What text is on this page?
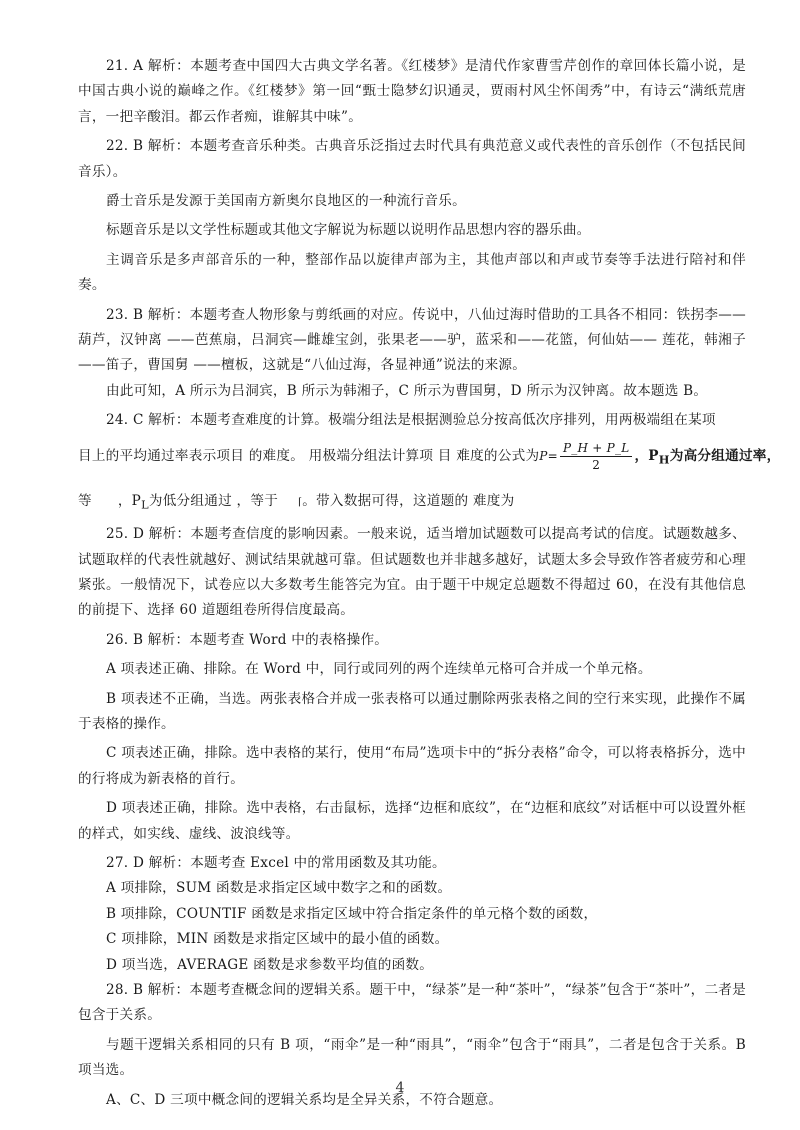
21. A 解析：本题考查中国四大古典文学名著。《红楼梦》是清代作家曹雪芹创作的章回体长篇小说，是中国古典小说的巅峰之作。《红楼梦》第一回“甄士隐梦幻识通灵，贾雨村风尘怀闺秀”中，有诗云“满纸荒唐言，一把辛酸泪。都云作者痴，谁解其中味”。

22. B 解析：本题考查音乐种类。古典音乐泛指过去时代具有典范意义或代表性的音乐创作（不包括民间音乐）。

爵士音乐是发源于美国南方新奥尔良地区的一种流行音乐。

标题音乐是以文学性标题或其他文字解说为标题以说明作品思想内容的器乐曲。

主调音乐是多声部音乐的一种，整部作品以旋律声部为主，其他声部以和声或节奏等手法进行陪衬和伴奏。

23. B 解析：本题考查人物形象与剪纸画的对应。传说中，八仙过海时借助的工具各不相同：铁拐李——葫芦，汉钟离 ——芭蕉扇，吕洞宾—雌雄宝剑，张果老——驴，蓝采和——花篮，何仙姑—— 莲花，韩湘子——笛子，曹国舅 ——檀板，这就是“八仙过海，各显神通”说法的来源。

由此可知，A 所示为吕洞宾，B 所示为韩湘子，C 所示为曹国舅，D 所示为汉钟离。故本题选 B。

24. C 解析：本题考查难度的计算。极端分组法是根据测验总分按高低次序排列，用两极端组在某项

目上的平均通过率表示项目 的难度。 用极端分组法计算项 目 难度的公式为 $P= \frac{P\_H + P\_L}{2}$ ，$P_H$为高分组通过率，

等 ，$P_L$为低分组通过 ，等于 ⌈。带入数据可得，这道题的 难度为

25. D 解析：本题考查信度的影响因素。一般来说，适当增加试题数可以提高考试的信度。试题数越多、试题取样的代表性就越好、测试结果就越可靠。但试题数也并非越多越好，试题太多会导致作答者疲劳和心理紧张。一般情况下，试卷应以大多数考生能答完为宜。由于题干中规定总题数不得超过 60，在没有其他信息的前提下、选择 60 道题组卷所得信度最高。

26. B 解析：本题考查 Word 中的表格操作。

A 项表述正确、排除。在 Word 中，同行或同列的两个连续单元格可合并成一个单元格。

B 项表述不正确，当选。两张表格合并成一张表格可以通过删除两张表格之间的空行来实现，此操作不属于表格的操作。

C 项表述正确，排除。选中表格的某行，使用“布局”选项卡中的“拆分表格”命令，可以将表格拆分，选中的行将成为新表格的首行。

D 项表述正确，排除。选中表格，右击鼠标，选择“边框和底纹”，在“边框和底纹”对话框中可以设置外框的样式，如实线、虚线、波浪线等。

27. D 解析：本题考查 Excel 中的常用函数及其功能。

A 项排除，SUM 函数是求指定区域中数字之和的函数。

B 项排除，COUNTIF 函数是求指定区域中符合指定条件的单元格个数的函数，

C 项排除，MIN 函数是求指定区域中的最小值的函数。

D 项当选，AVERAGE 函数是求参数平均值的函数。

28. B 解析：本题考查概念间的逻辑关系。题干中，“绿茶”是一种“茶叶”，“绿茶”包含于“茶叶”，二者是包含于关系。

与题干逻辑关系相同的只有 B 项，“雨伞”是一种“雨具”，“雨伞”包含于“雨具”，二者是包含于关系。B 项当选。

A、C、D 三项中概念间的逻辑关系均是全异关系，不符合题意。

4
